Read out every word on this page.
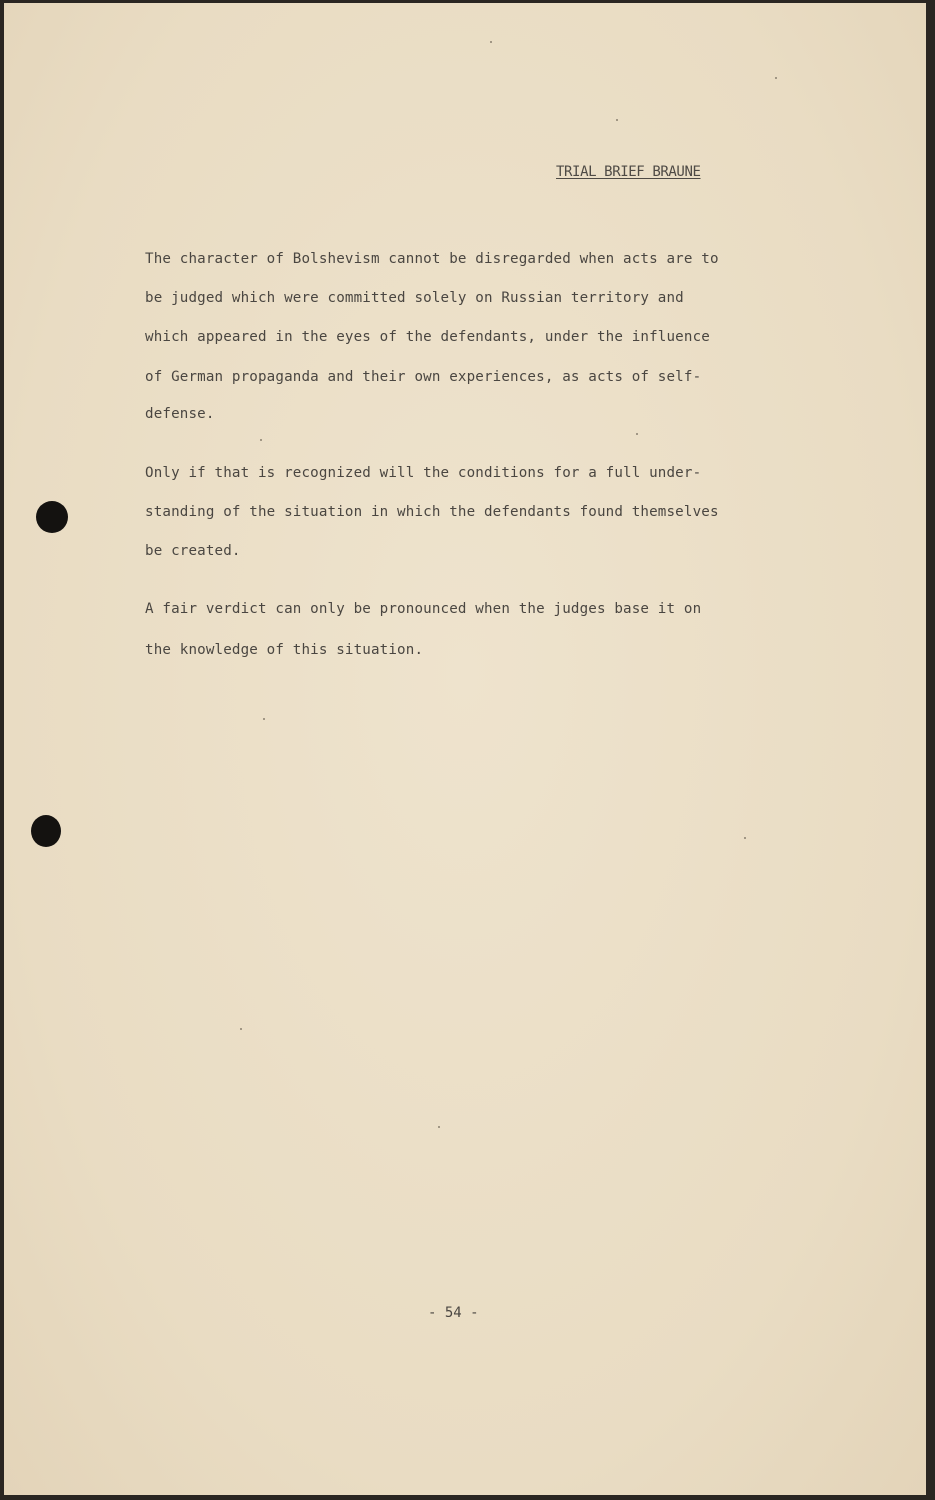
TRIAL BRIEF BRAUNE
The character of Bolshevism cannot be disregarded when acts are to
be judged which were committed solely on Russian territory and
which appeared in the eyes of the defendants, under the influence
of German propaganda and their own experiences, as acts of self-
defense.
Only if that is recognized will the conditions for a full under-
standing of the situation in which the defendants found themselves
be created.
A fair verdict can only be pronounced when the judges base it on
the knowledge of this situation.
- 54 -
